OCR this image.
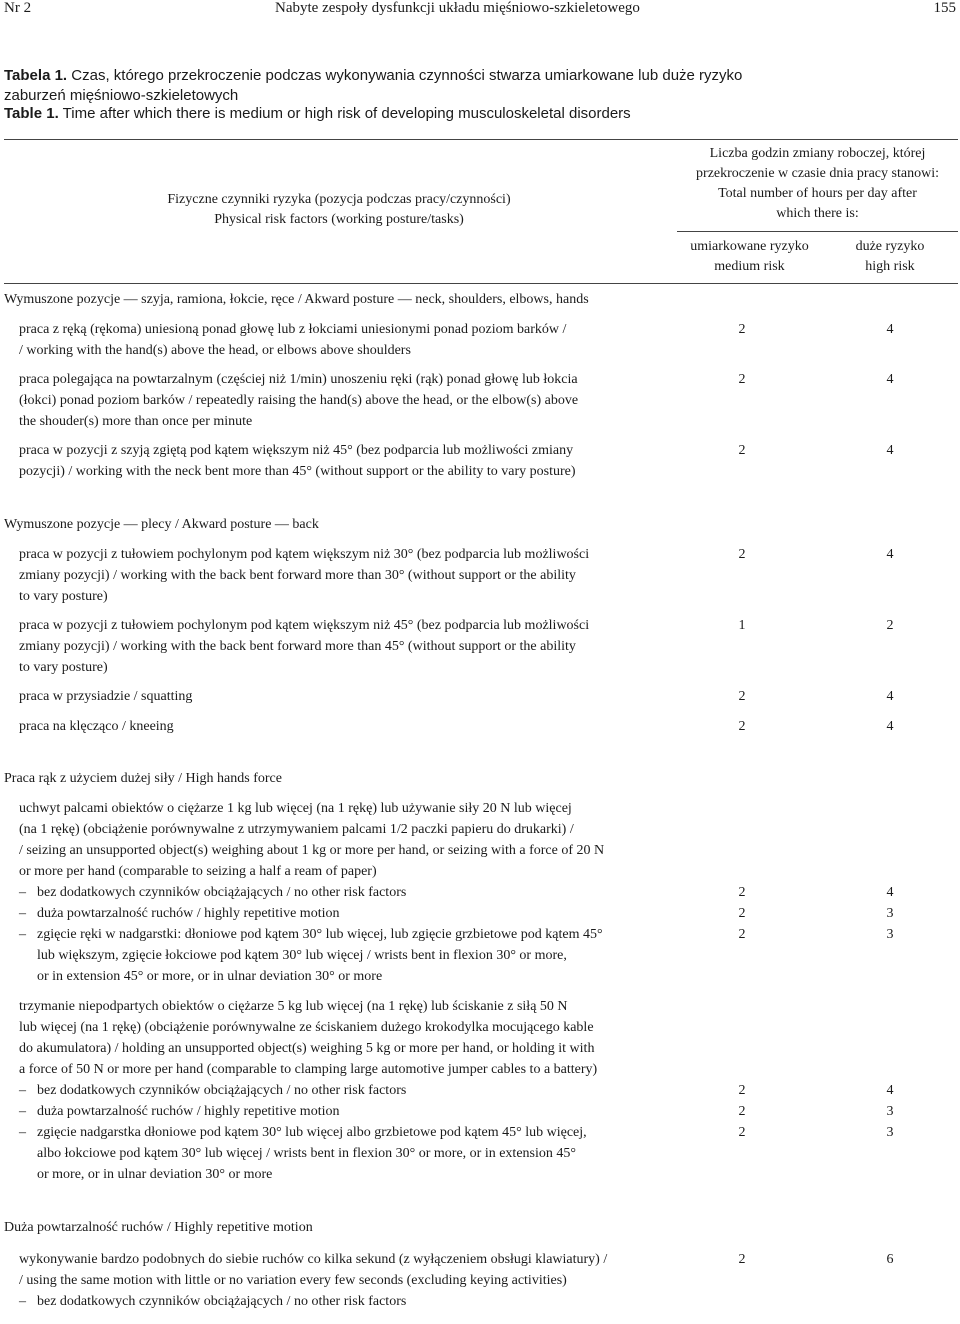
Nr 2	Nabyte zespoły dysfunkcji układu mięśniowo-szkieletowego	155
Tabela 1. Czas, którego przekroczenie podczas wykonywania czynności stwarza umiarkowane lub duże ryzyko
zaburzeń mięśniowo-szkieletowych
Table 1. Time after which there is medium or high risk of developing musculoskeletal disorders
Fizyczne czynniki ryzyka (pozycja podczas pracy/czynności)
Physical risk factors (working posture/tasks)
Liczba godzin zmiany roboczej, której
przekroczenie w czasie dnia pracy stanowi:
Total number of hours per day after
which there is:
umiarkowane ryzyko
medium risk
duże ryzyko
high risk
Wymuszone pozycje — szyja, ramiona, łokcie, ręce / Akward posture — neck, shoulders, elbows, hands
praca z ręką (rękoma) uniesioną ponad głowę lub z łokciami uniesionymi ponad poziom barków /
/ working with the hand(s) above the head, or elbows above shoulders
2	4
praca polegająca na powtarzalnym (częściej niż 1/min) unoszeniu ręki (rąk) ponad głowę lub łokcia
(łokci) ponad poziom barków / repeatedly raising the hand(s) above the head, or the elbow(s) above
the shouder(s) more than once per minute
2	4
praca w pozycji z szyją zgiętą pod kątem większym niż 45° (bez podparcia lub możliwości zmiany
pozycji) / working with the neck bent more than 45° (without support or the ability to vary posture)
2	4
Wymuszone pozycje — plecy / Akward posture — back
praca w pozycji z tułowiem pochylonym pod kątem większym niż 30° (bez podparcia lub możliwości
zmiany pozycji) / working with the back bent forward more than 30° (without support or the ability
to vary posture)
2	4
praca w pozycji z tułowiem pochylonym pod kątem większym niż 45° (bez podparcia lub możliwości
zmiany pozycji) / working with the back bent forward more than 45° (without support or the ability
to vary posture)
1	2
praca w przysiadzie / squatting	2	4
praca na klęcząco / kneeing	2	4
Praca rąk z użyciem dużej siły / High hands force
uchwyt palcami obiektów o ciężarze 1 kg lub więcej (na 1 rękę) lub używanie siły 20 N lub więcej
(na 1 rękę) (obciążenie porównywalne z utrzymywaniem palcami 1/2 paczki papieru do drukarki) /
/ seizing an unsupported object(s) weighing about 1 kg or more per hand, or seizing with a force of 20 N
or more per hand (comparable to seizing a half a ream of paper)
– bez dodatkowych czynników obciążających / no other risk factors	2	4
– duża powtarzalność ruchów / highly repetitive motion	2	3
– zgięcie ręki w nadgarstki: dłoniowe pod kątem 30° lub więcej, lub zgięcie grzbietowe pod kątem 45°
lub większym, zgięcie łokciowe pod kątem 30° lub więcej / wrists bent in flexion 30° or more,
or in extension 45° or more, or in ulnar deviation 30° or more
2	3
trzymanie niepodpartych obiektów o ciężarze 5 kg lub więcej (na 1 rękę) lub ściskanie z siłą 50 N
lub więcej (na 1 rękę) (obciążenie porównywalne ze ściskaniem dużego krokodylka mocującego kable
do akumulatora) / holding an unsupported object(s) weighing 5 kg or more per hand, or holding it with
a force of 50 N or more per hand (comparable to clamping large automotive jumper cables to a battery)
– bez dodatkowych czynników obciążających / no other risk factors	2	4
– duża powtarzalność ruchów / highly repetitive motion	2	3
– zgięcie nadgarstka dłoniowe pod kątem 30° lub więcej albo grzbietowe pod kątem 45° lub więcej,
albo łokciowe pod kątem 30° lub więcej / wrists bent in flexion 30° or more, or in extension 45°
or more, or in ulnar deviation 30° or more
2	3
Duża powtarzalność ruchów / Highly repetitive motion
wykonywanie bardzo podobnych do siebie ruchów co kilka sekund (z wyłączeniem obsługi klawiatury) /
/ using the same motion with little or no variation every few seconds (excluding keying activities)
2	6
– bez dodatkowych czynników obciążających / no other risk factors
